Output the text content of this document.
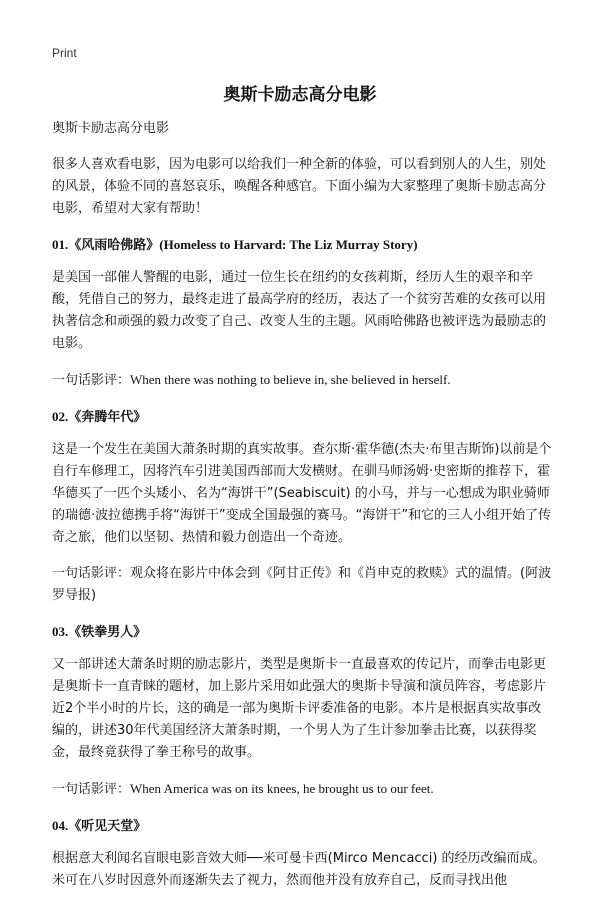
Print
奥斯卡励志高分电影

奥斯卡励志高分电影

很多人喜欢看电影，因为电影可以给我们一种全新的体验，可以看到别人的人生，别处的风景，体验不同的喜怒哀乐，唤醒各种感官。下面小编为大家整理了奥斯卡励志高分电影，希望对大家有帮助！

01.《风雨哈佛路》(Homeless to Harvard: The Liz Murray Story)

是美国一部催人警醒的电影，通过一位生长在纽约的女孩莉斯，经历人生的艰辛和辛酸，凭借自己的努力，最终走进了最高学府的经历，表达了一个贫穷苦难的女孩可以用执著信念和顽强的毅力改变了自己、改变人生的主题。风雨哈佛路也被评选为最励志的电影。

一句话影评：When there was nothing to believe in, she believed in herself.

02.《奔腾年代》

这是一个发生在美国大萧条时期的真实故事。查尔斯·霍华德(杰夫·布里吉斯饰)以前是个自行车修理工，因将汽车引进美国西部而大发横财。在驯马师汤姆·史密斯的推荐下，霍华德买了一匹个头矮小、名为“海饼干”(Seabiscuit) 的小马，并与一心想成为职业骑师的瑞德·波拉德携手将“海饼干”变成全国最强的赛马。“海饼干”和它的三人小组开始了传奇之旅，他们以坚韧、热情和毅力创造出一个奇迹。

一句话影评：观众将在影片中体会到《阿甘正传》和《肖申克的救赎》式的温情。(阿波罗导报)

03.《铁拳男人》

又一部讲述大萧条时期的励志影片，类型是奥斯卡一直最喜欢的传记片，而拳击电影更是奥斯卡一直青睐的题材，加上影片采用如此强大的奥斯卡导演和演员阵容，考虑影片近2个半小时的片长，这的确是一部为奥斯卡评委准备的电影。本片是根据真实故事改编的，讲述30年代美国经济大萧条时期，一个男人为了生计参加拳击比赛，以获得奖金，最终竟获得了拳王称号的故事。

一句话影评：When America was on its knees, he brought us to our feet.

04.《听见天堂》

根据意大利闻名盲眼电影音效大师──米可曼卡西(Mirco Mencacci) 的经历改编而成。米可在八岁时因意外而逐渐失去了视力，然而他并没有放弃自己，反而寻找出他
